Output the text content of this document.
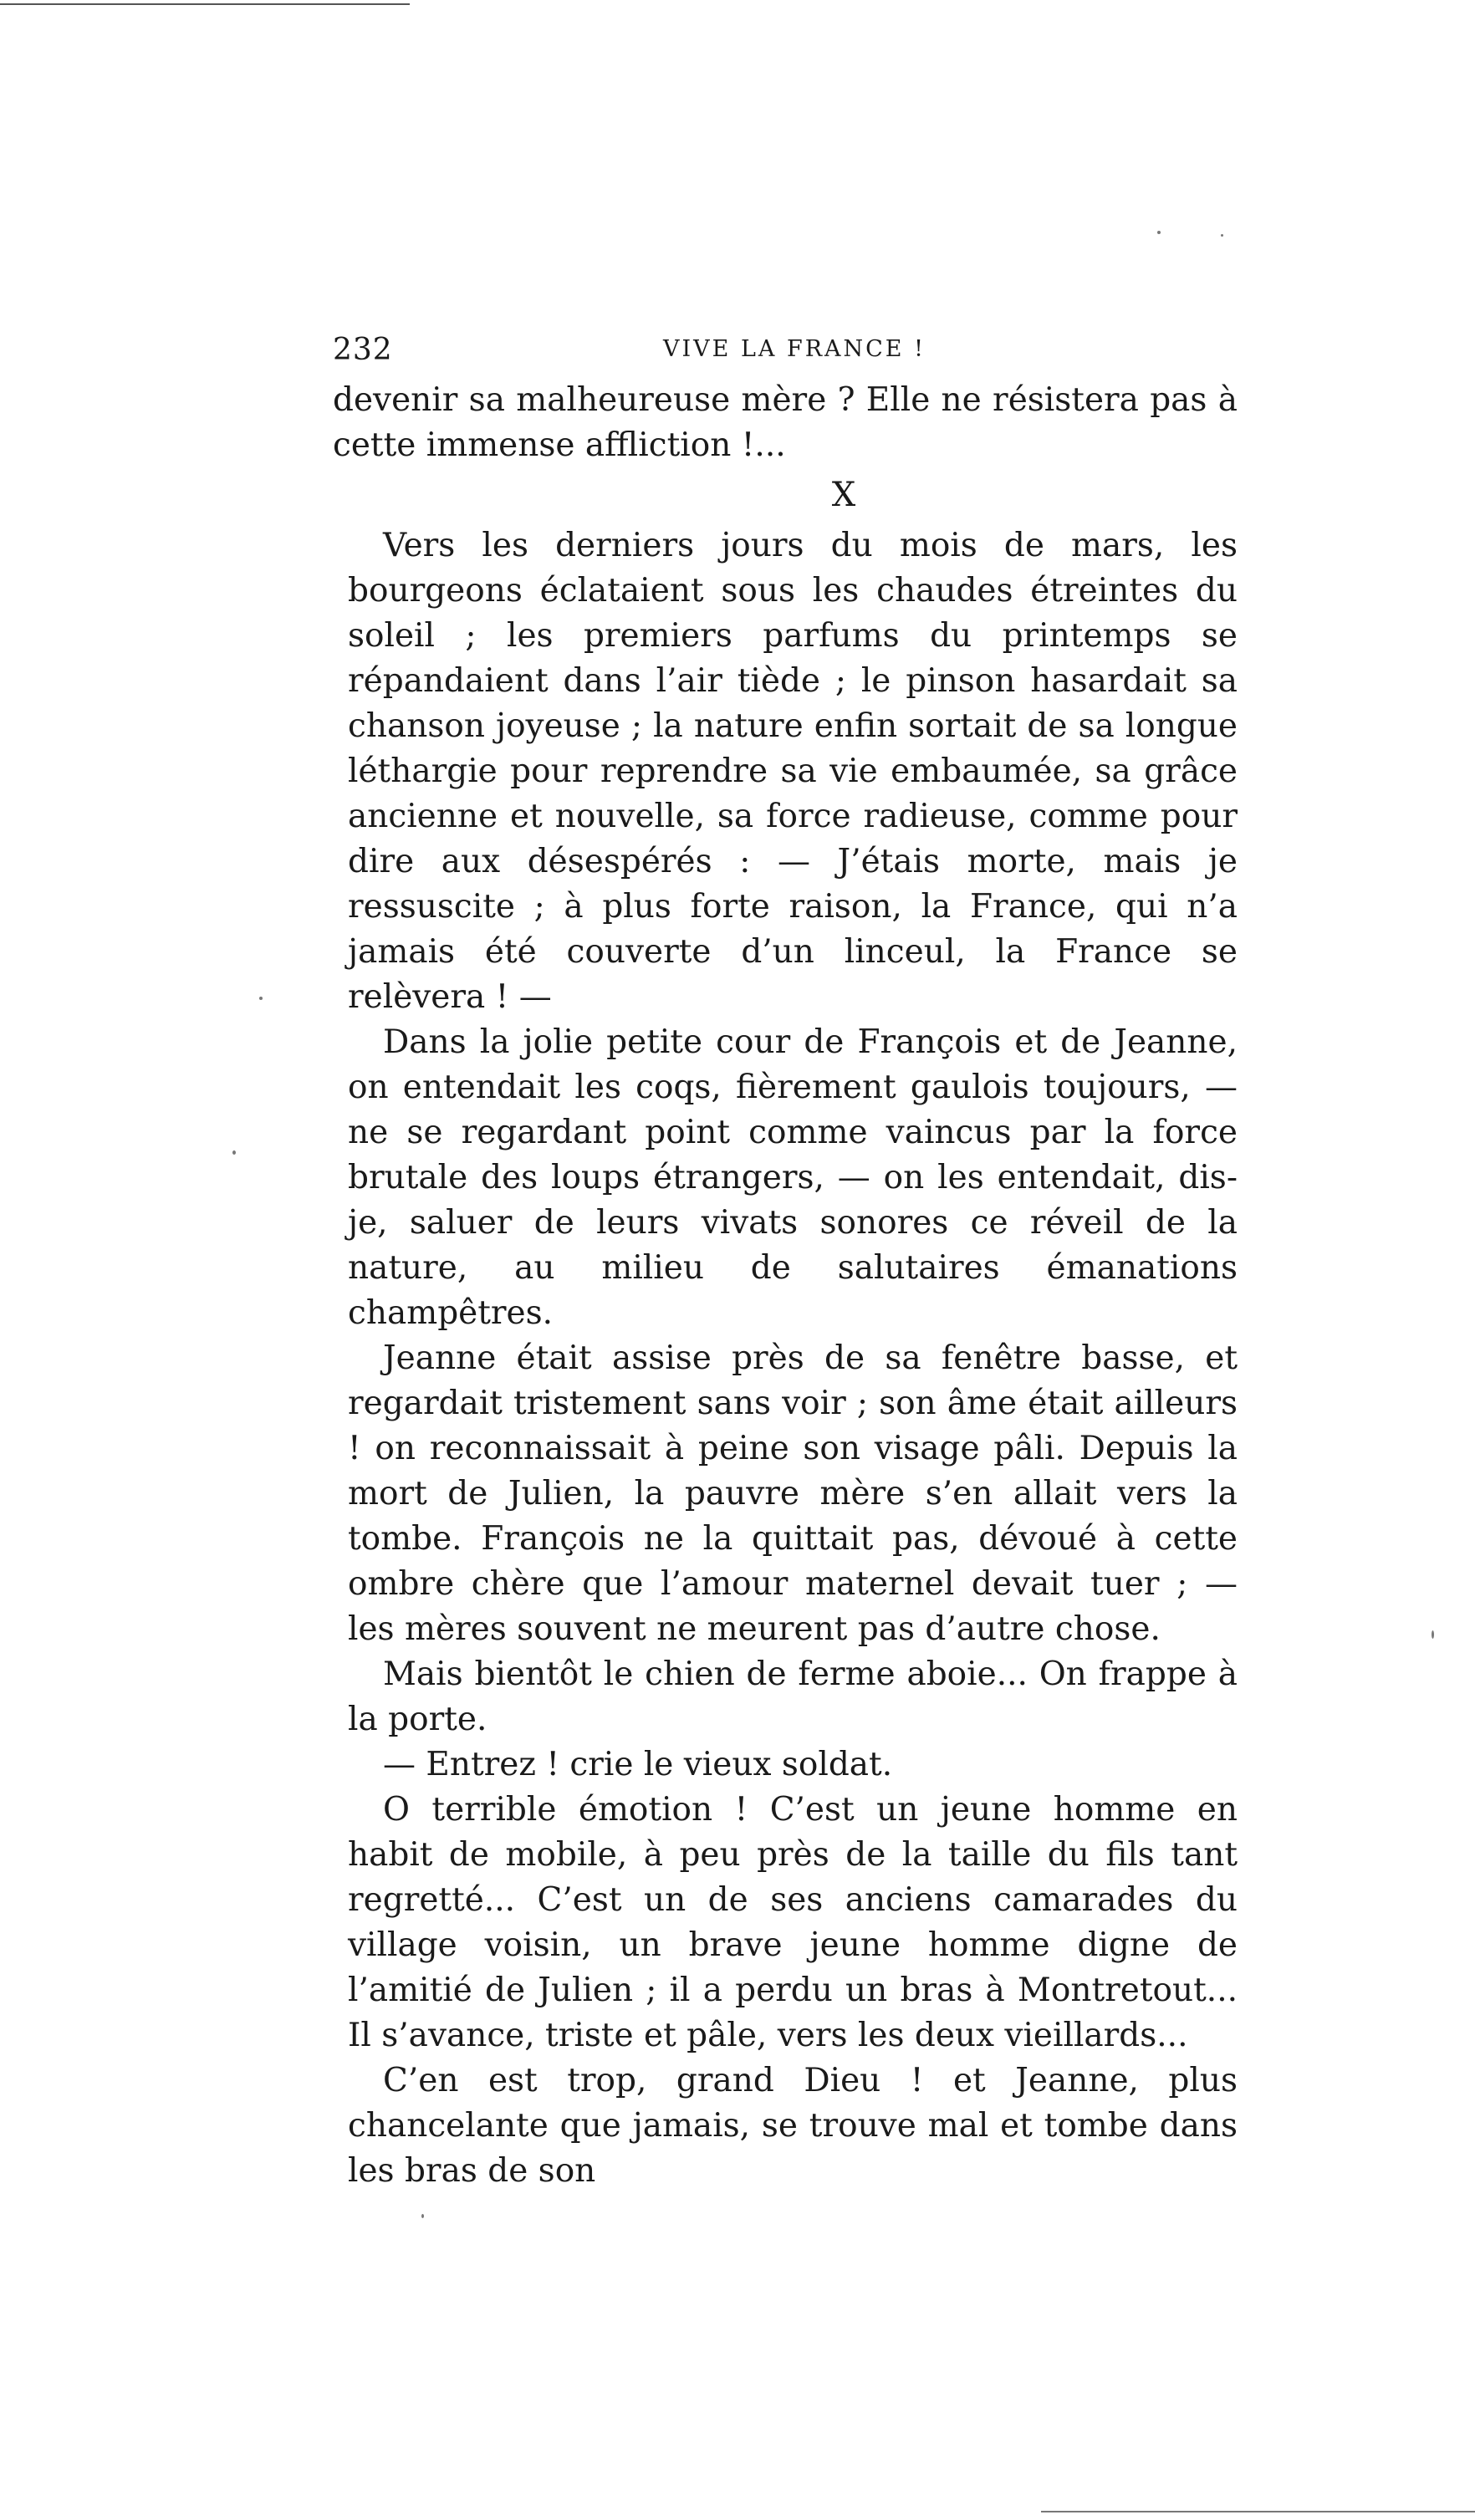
232	VIVE LA FRANCE !

devenir sa malheureuse mère ? Elle ne résistera pas à cette immense affliction !...

X

Vers les derniers jours du mois de mars, les bourgeons éclataient sous les chaudes étreintes du soleil ; les premiers parfums du printemps se répandaient dans l’air tiède ; le pinson hasardait sa chanson joyeuse ; la nature enfin sortait de sa longue léthargie pour reprendre sa vie embaumée, sa grâce ancienne et nouvelle, sa force radieuse, comme pour dire aux désespérés : — J’étais morte, mais je ressuscite ; à plus forte raison, la France, qui n’a jamais été couverte d’un linceul, la France se relèvera ! —

Dans la jolie petite cour de François et de Jeanne, on entendait les coqs, fièrement gaulois toujours, — ne se regardant point comme vaincus par la force brutale des loups étrangers, — on les entendait, dis-je, saluer de leurs vivats sonores ce réveil de la nature, au milieu de salutaires émanations champêtres.

Jeanne était assise près de sa fenêtre basse, et regardait tristement sans voir ; son âme était ailleurs ! on reconnaissait à peine son visage pâli. Depuis la mort de Julien, la pauvre mère s’en allait vers la tombe. François ne la quittait pas, dévoué à cette ombre chère que l’amour maternel devait tuer ; — les mères souvent ne meurent pas d’autre chose.

Mais bientôt le chien de ferme aboie... On frappe à la porte.

— Entrez ! crie le vieux soldat.

O terrible émotion ! C’est un jeune homme en habit de mobile, à peu près de la taille du fils tant regretté... C’est un de ses anciens camarades du village voisin, un brave jeune homme digne de l’amitié de Julien ; il a perdu un bras à Montretout... Il s’avance, triste et pâle, vers les deux vieillards...

C’en est trop, grand Dieu ! et Jeanne, plus chancelante que jamais, se trouve mal et tombe dans les bras de son
